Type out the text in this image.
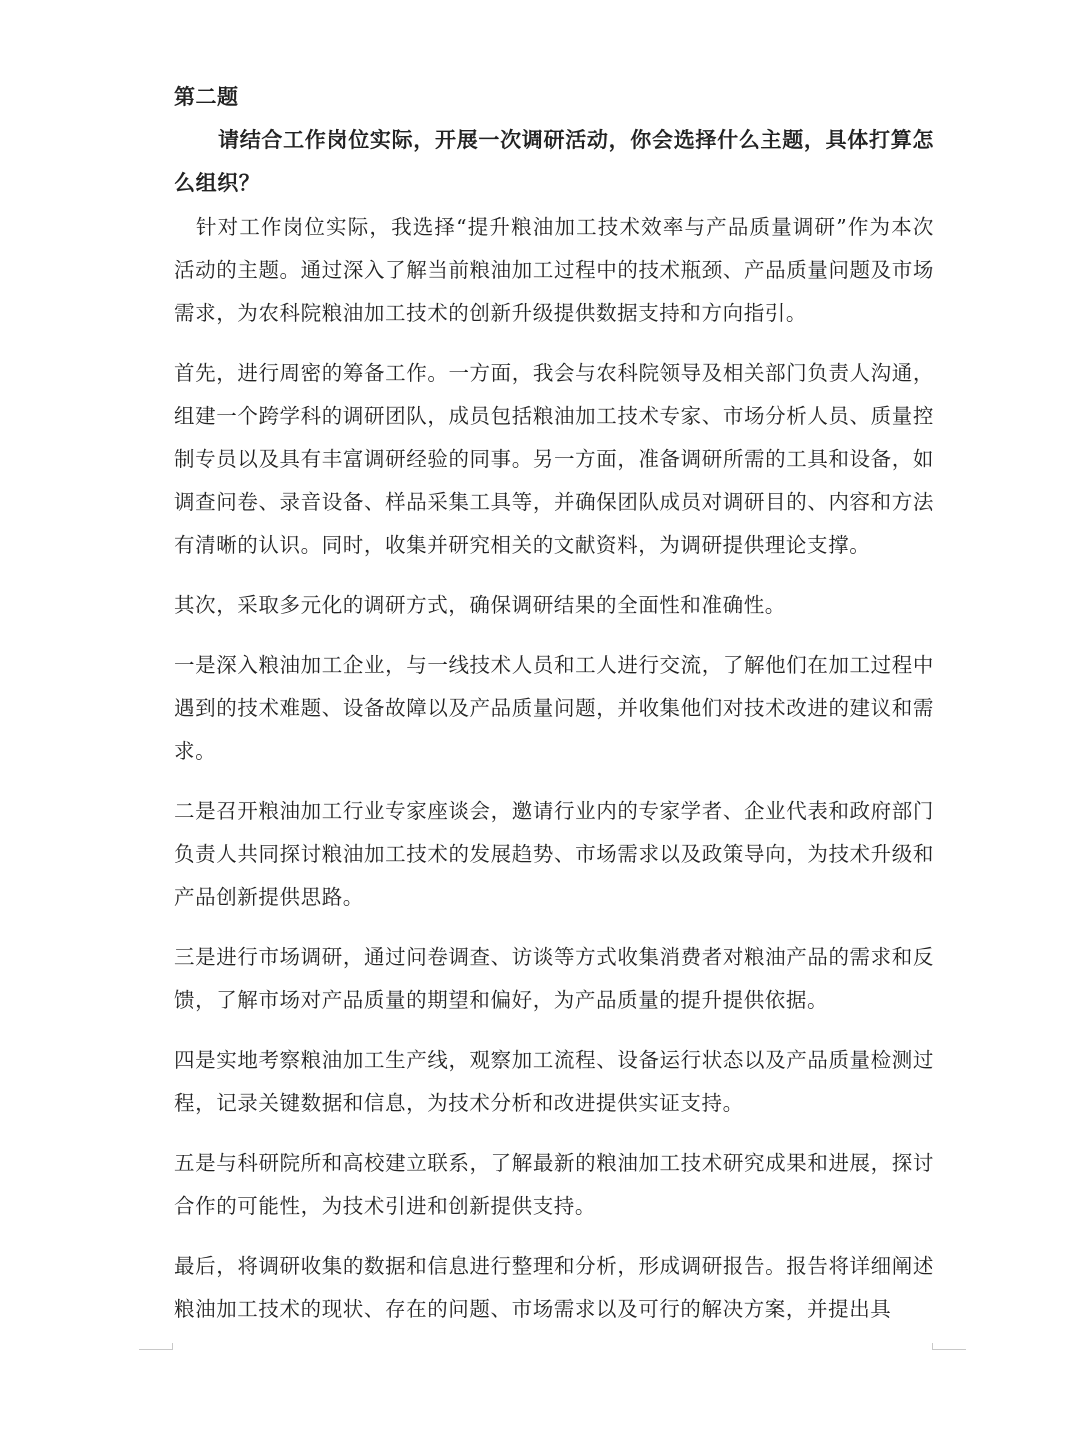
第二题

请结合工作岗位实际，开展一次调研活动，你会选择什么主题，具体打算怎么组织？

针对工作岗位实际，我选择“提升粮油加工技术效率与产品质量调研”作为本次活动的主题。通过深入了解当前粮油加工过程中的技术瓶颈、产品质量问题及市场需求，为农科院粮油加工技术的创新升级提供数据支持和方向指引。

首先，进行周密的筹备工作。一方面，我会与农科院领导及相关部门负责人沟通，组建一个跨学科的调研团队，成员包括粮油加工技术专家、市场分析人员、质量控制专员以及具有丰富调研经验的同事。另一方面，准备调研所需的工具和设备，如调查问卷、录音设备、样品采集工具等，并确保团队成员对调研目的、内容和方法有清晰的认识。同时，收集并研究相关的文献资料，为调研提供理论支撑。

其次，采取多元化的调研方式，确保调研结果的全面性和准确性。

一是深入粮油加工企业，与一线技术人员和工人进行交流，了解他们在加工过程中遇到的技术难题、设备故障以及产品质量问题，并收集他们对技术改进的建议和需求。

二是召开粮油加工行业专家座谈会，邀请行业内的专家学者、企业代表和政府部门负责人共同探讨粮油加工技术的发展趋势、市场需求以及政策导向，为技术升级和产品创新提供思路。

三是进行市场调研，通过问卷调查、访谈等方式收集消费者对粮油产品的需求和反馈，了解市场对产品质量的期望和偏好，为产品质量的提升提供依据。

四是实地考察粮油加工生产线，观察加工流程、设备运行状态以及产品质量检测过程，记录关键数据和信息，为技术分析和改进提供实证支持。

五是与科研院所和高校建立联系，了解最新的粮油加工技术研究成果和进展，探讨合作的可能性，为技术引进和创新提供支持。

最后，将调研收集的数据和信息进行整理和分析，形成调研报告。报告将详细阐述粮油加工技术的现状、存在的问题、市场需求以及可行的解决方案，并提出具
